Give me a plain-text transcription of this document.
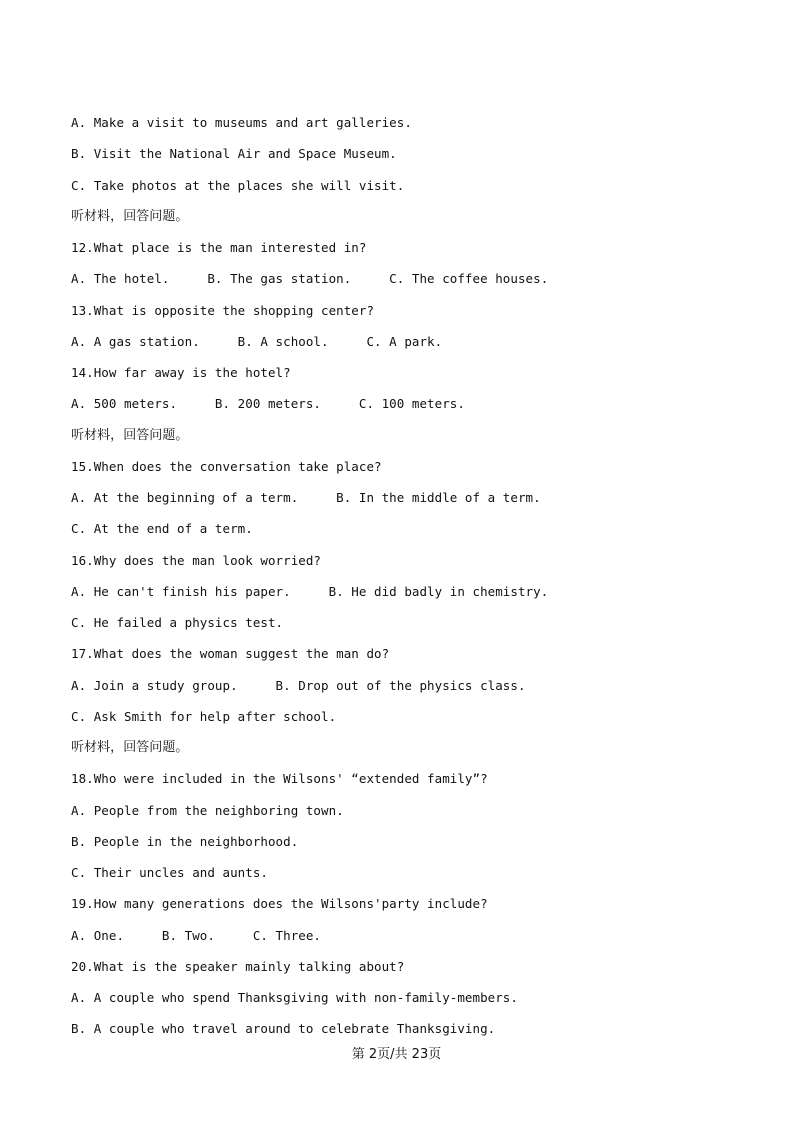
A. Make a visit to museums and art galleries.
B. Visit the National Air and Space Museum.
C. Take photos at the places she will visit.
听材料，回答问题。
12.What place is the man interested in?
A. The hotel.     B. The gas station.     C. The coffee houses.
13.What is opposite the shopping center?
A. A gas station.     B. A school.     C. A park.
14.How far away is the hotel?
A. 500 meters.     B. 200 meters.     C. 100 meters.
听材料，回答问题。
15.When does the conversation take place?
A. At the beginning of a term.     B. In the middle of a term.
C. At the end of a term.
16.Why does the man look worried?
A. He can't finish his paper.     B. He did badly in chemistry.
C. He failed a physics test.
17.What does the woman suggest the man do?
A. Join a study group.     B. Drop out of the physics class.
C. Ask Smith for help after school.
听材料，回答问题。
18.Who were included in the Wilsons' “extended family”?
A. People from the neighboring town.
B. People in the neighborhood.
C. Their uncles and aunts.
19.How many generations does the Wilsons'party include?
A. One.     B. Two.     C. Three.
20.What is the speaker mainly talking about?
A. A couple who spend Thanksgiving with non-family-members.
B. A couple who travel around to celebrate Thanksgiving.
第 2页/共 23页
